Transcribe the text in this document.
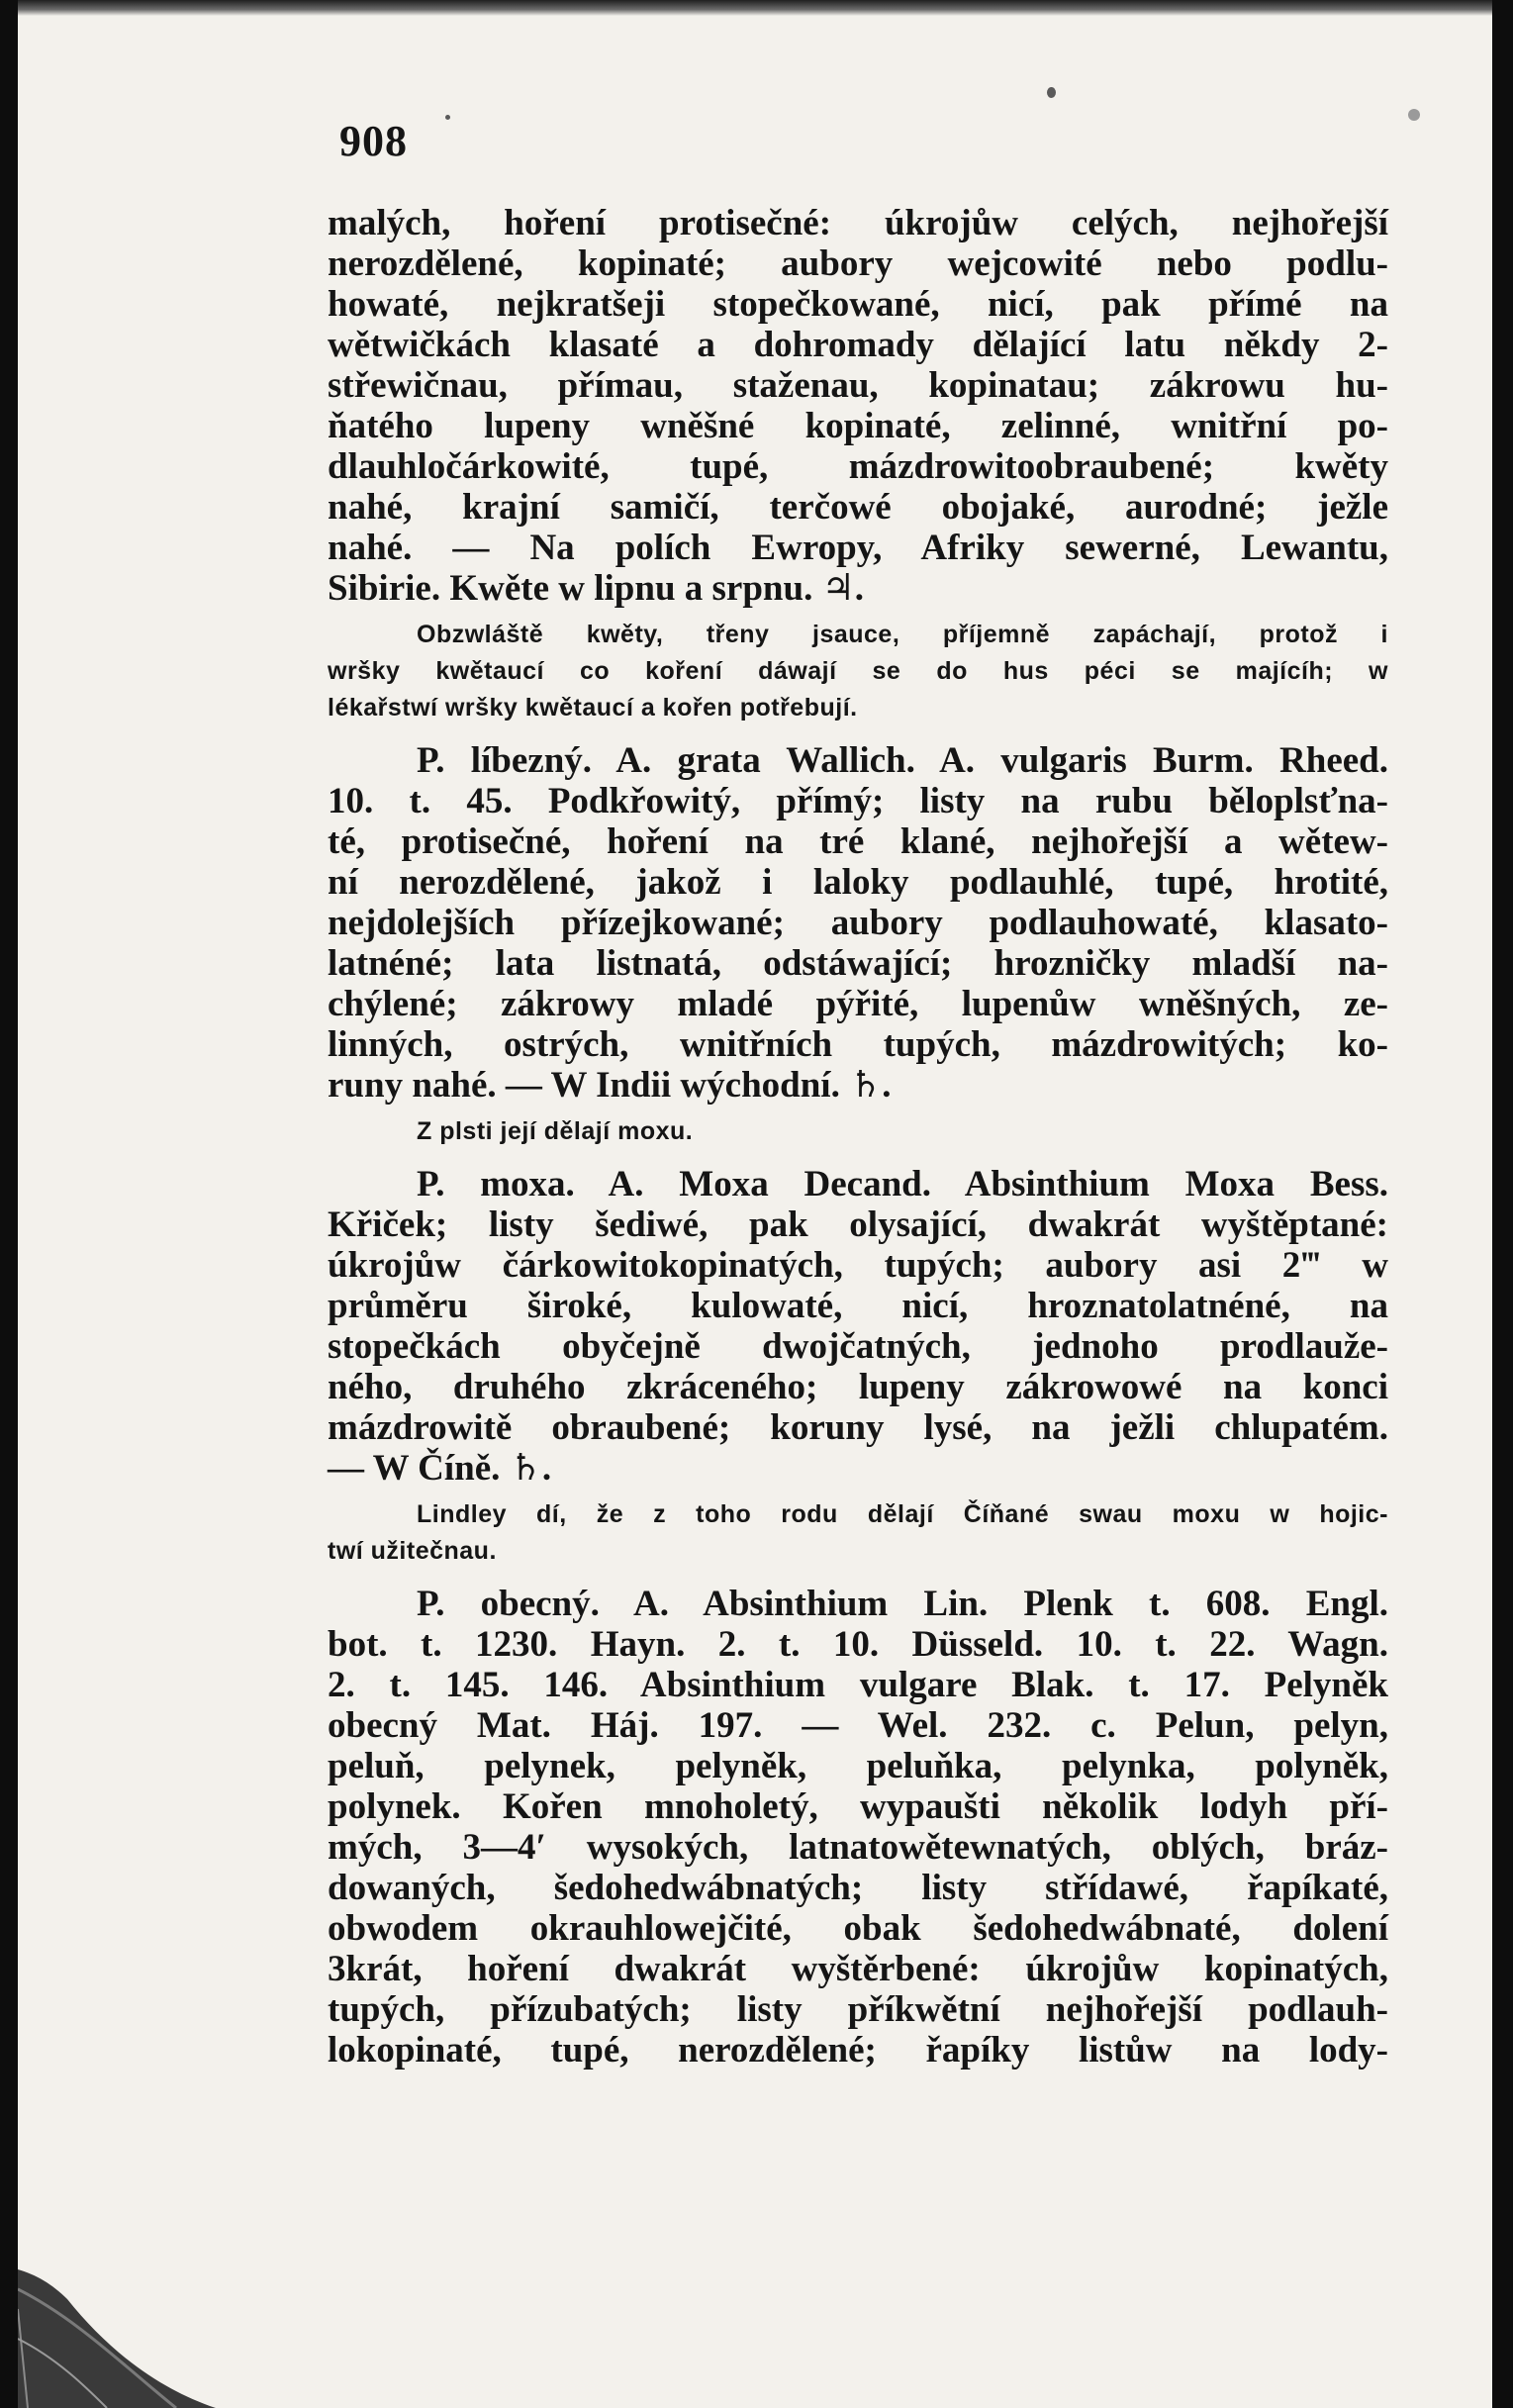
908
malých, hoření protisečné: úkrojůw celých, nejhořejší
nerozdělené, kopinaté; aubory wejcowité nebo podlu-
howaté, nejkratšeji stopečkowané, nicí, pak přímé na
wětwičkách klasaté a dohromady dělající latu někdy 2-
střewičnau, přímau, staženau, kopinatau; zákrowu hu-
ňatého lupeny wněšné kopinaté, zelinné, wnitřní po-
dlauhločárkowité, tupé, mázdrowitoobraubené; kwěty
nahé, krajní samičí, terčowé obojaké, aurodné; ježle
nahé. — Na polích Ewropy, Afriky sewerné, Lewantu,
Sibirie. Kwěte w lipnu a srpnu. ♃.
Obzwláště kwěty, třeny jsauce, příjemně zapáchají, protož i
wršky kwětaucí co koření dáwají se do hus péci se majícíh; w
lékařstwí wršky kwětaucí a kořen potřebují.
P. líbezný. A. grata Wallich. A. vulgaris Burm. Rheed.
10. t. 45. Podkřowitý, přímý; listy na rubu běloplsťna-
té, protisečné, hoření na tré klané, nejhořejší a wětew-
ní nerozdělené, jakož i laloky podlauhlé, tupé, hrotité,
nejdolejších přízejkowané; aubory podlauhowaté, klasato-
latnéné; lata listnatá, odstáwající; hrozničky mladší na-
chýlené; zákrowy mladé pýřité, lupenůw wněšných, ze-
linných, ostrých, wnitřních tupých, mázdrowitých; ko-
runy nahé. — W Indii wýchodní. ♄.
Z plsti její dělají moxu.
P. moxa. A. Moxa Decand. Absinthium Moxa Bess.
Křiček; listy šediwé, pak olysající, dwakrát wyštěptané:
úkrojůw čárkowitokopinatých, tupých; aubory asi 2‴ w
průměru široké, kulowaté, nicí, hroznatolatnéné, na
stopečkách obyčejně dwojčatných, jednoho prodlauže-
ného, druhého zkráceného; lupeny zákrowowé na konci
mázdrowitě obraubené; koruny lysé, na ježli chlupatém.
— W Číně. ♄.
Lindley dí, že z toho rodu dělají Číňané swau moxu w hojic-
twí užitečnau.
P. obecný. A. Absinthium Lin. Plenk t. 608. Engl.
bot. t. 1230. Hayn. 2. t. 10. Düsseld. 10. t. 22. Wagn.
2. t. 145. 146. Absinthium vulgare Blak. t. 17. Pelyněk
obecný Mat. Háj. 197. — Wel. 232. c. Pelun, pelyn,
peluň, pelynek, pelyněk, peluňka, pelynka, polyněk,
polynek. Kořen mnoholetý, wypaušti několik lodyh pří-
mých, 3—4′ wysokých, latnatowětewnatých, oblých, bráz-
dowaných, šedohedwábnatých; listy střídawé, řapíkaté,
obwodem okrauhlowejčité, obak šedohedwábnaté, dolení
3krát, hoření dwakrát wyštěrbené: úkrojůw kopinatých,
tupých, přízubatých; listy příkwětní nejhořejší podlauh-
lokopinaté, tupé, nerozdělené; řapíky listůw na lody-
